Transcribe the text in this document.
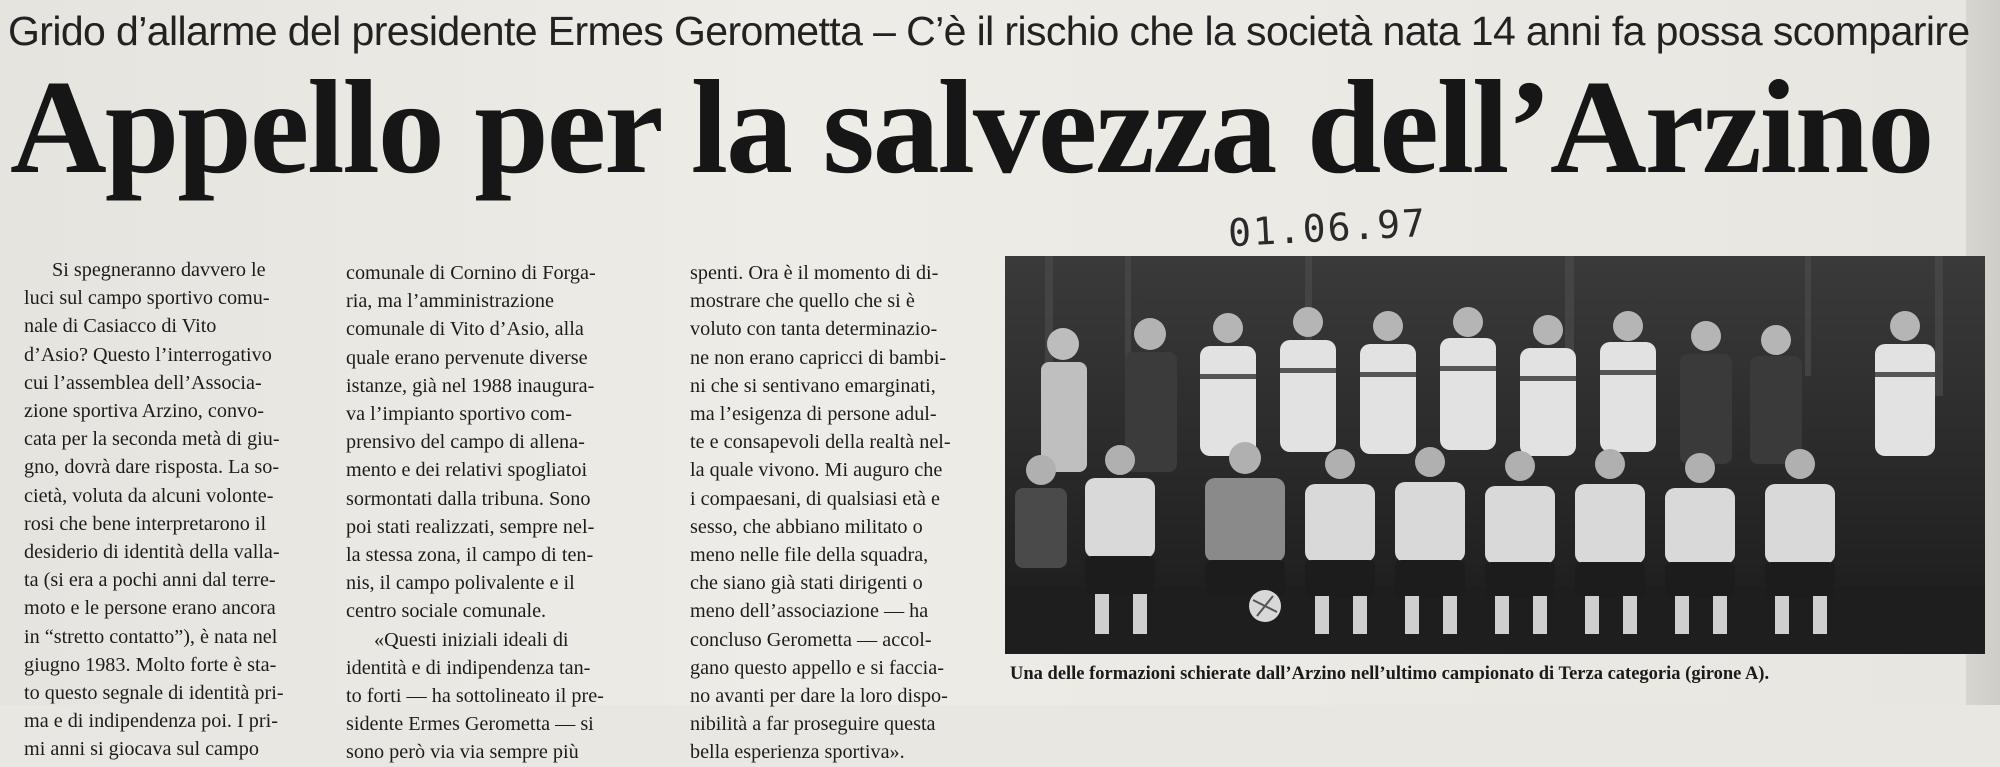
Grido d’allarme del presidente Ermes Gerometta – C’è il rischio che la società nata 14 anni fa possa scomparire
Appello per la salvezza dell’Arzino
01.06.97
Si spegneranno davvero le
luci sul campo sportivo comu-
nale di Casiacco di Vito
d’Asio? Questo l’interrogativo
cui l’assemblea dell’Associa-
zione sportiva Arzino, convo-
cata per la seconda metà di giu-
gno, dovrà dare risposta. La so-
cietà, voluta da alcuni volonte-
rosi che bene interpretarono il
desiderio di identità della valla-
ta (si era a pochi anni dal terre-
moto e le persone erano ancora
in “stretto contatto”), è nata nel
giugno 1983. Molto forte è sta-
to questo segnale di identità pri-
ma e di indipendenza poi. I pri-
mi anni si giocava sul campo
comunale di Cornino di Forga-
ria, ma l’amministrazione
comunale di Vito d’Asio, alla
quale erano pervenute diverse
istanze, già nel 1988 inaugura-
va l’impianto sportivo com-
prensivo del campo di allena-
mento e dei relativi spogliatoi
sormontati dalla tribuna. Sono
poi stati realizzati, sempre nel-
la stessa zona, il campo di ten-
nis, il campo polivalente e il
centro sociale comunale.
«Questi iniziali ideali di
identità e di indipendenza tan-
to forti — ha sottolineato il pre-
sidente Ermes Gerometta — si
sono però via via sempre più
spenti. Ora è il momento di di-
mostrare che quello che si è
voluto con tanta determinazio-
ne non erano capricci di bambi-
ni che si sentivano emarginati,
ma l’esigenza di persone adul-
te e consapevoli della realtà nel-
la quale vivono. Mi auguro che
i compaesani, di qualsiasi età e
sesso, che abbiano militato o
meno nelle file della squadra,
che siano già stati dirigenti o
meno dell’associazione — ha
concluso Gerometta — accol-
gano questo appello e si faccia-
no avanti per dare la loro dispo-
nibilità a far proseguire questa
bella esperienza sportiva».
Una delle formazioni schierate dall’Arzino nell’ultimo campionato di Terza categoria (girone A).
